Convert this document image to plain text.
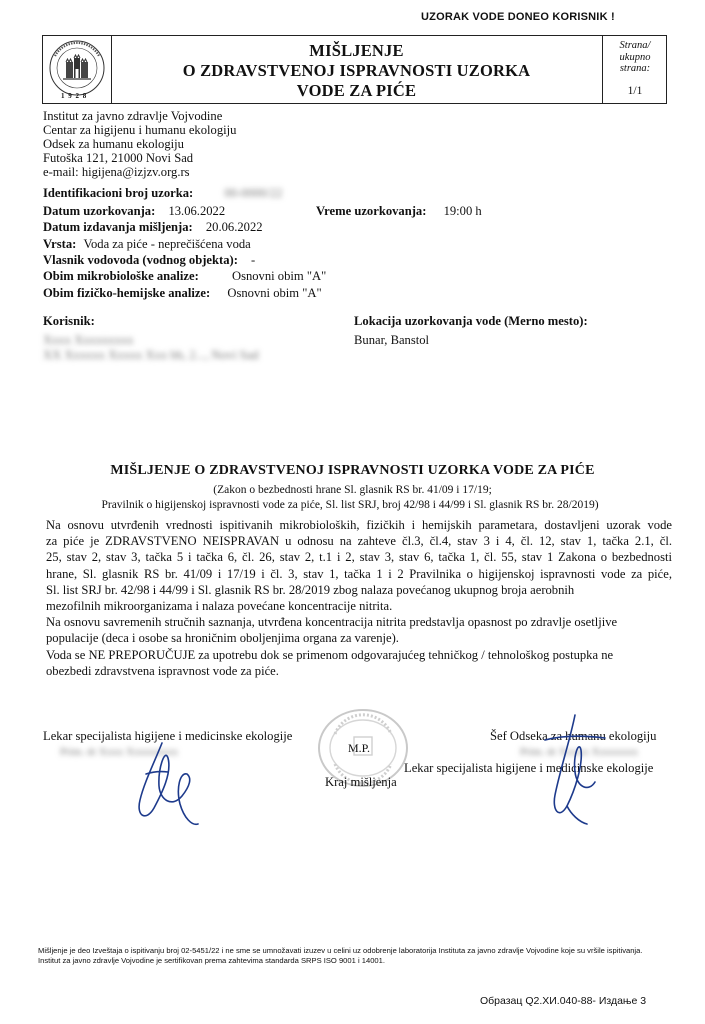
UZORAK VODE DONEO KORISNIK !
1 9 2 8
MIŠLJENJE
O ZDRAVSTVENOJ ISPRAVNOSTI UZORKA
VODE ZA PIĆE
Strana/
ukupno
strana:
1/1
Institut za javno zdravlje Vojvodine
Centar za higijenu i humanu ekologiju
Odsek za humanu ekologiju
Futoška 121, 21000 Novi Sad
e-mail: higijena@izjzv.org.rs
Identifikacioni broj uzorka: 00-0000/22
Datum uzorkovanja: 13.06.2022	Vreme uzorkovanja: 19:00 h
Datum izdavanja mišljenja: 20.06.2022
Vrsta: Voda za piće - neprečišćena voda
Vlasnik vodovoda (vodnog objekta): -
Obim mikrobiološke analize:	Osnovni obim "A"
Obim fizičko-hemijske analize: Osnovni obim "A"
Korisnik:
Xxxx Xxxxxxxxx
XX Xxxxxx Xxxxx Xxx bb, 2..., Novi Sad
Lokacija uzorkovanja vode (Merno mesto):
Bunar, Banstol
MIŠLJENJE O ZDRAVSTVENOJ ISPRAVNOSTI UZORKA VODE ZA PIĆE
(Zakon o bezbednosti hrane Sl. glasnik RS br. 41/09 i 17/19;
Pravilnik o higijenskoj ispravnosti vode za piće, Sl. list SRJ, broj 42/98 i 44/99 i Sl. glasnik RS br. 28/2019)

Na osnovu utvrđenih vrednosti ispitivanih mikrobioloških, fizičkih i hemijskih parametara, dostavljeni uzorak vode

za piće je ZDRAVSTVENO NEISPRAVAN u odnosu na zahteve čl.3, čl.4, stav 3 i 4, čl. 12, stav 1, tačka 2.1, čl.

25, stav 2, stav 3, tačka 5 i tačka 6, čl. 26, stav 2, t.1 i 2, stav 3, stav 6, tačka 1, čl. 55, stav 1 Zakona o bezbednosti

hrane, Sl. glasnik RS br. 41/09 i 17/19 i čl. 3, stav 1, tačka 1 i 2 Pravilnika o higijenskoj ispravnosti vode za piće,

Sl. list SRJ br. 42/98 i 44/99 i Sl. glasnik RS br. 28/2019 zbog nalaza povećanog ukupnog broja aerobnih

mezofilnih mikroorganizama i nalaza povećane koncentracije nitrita.

Na osnovu savremenih stručnih saznanja, utvrđena koncentracija nitrita predstavlja opasnost po zdravlje osetljive

populacije (deca i osobe sa hroničnim oboljenjima organa za varenje).

Voda se NE PREPORUČUJE za upotrebu dok se primenom odgovarajućeg tehničkog / tehnološkog postupka ne

obezbedi zdravstvena ispravnost vode za piće.

Lekar specijalista higijene i medicinske ekologije
Prim. dr Xxxx Xxxxxxxxx	M.P.
Kraj mišljenja
Šef Odseka za humanu ekologiju
Prim. dr Xxxxx Xxxxxxxx
Lekar specijalista higijene i medicinske ekologije
Mišljenje je deo Izveštaja o ispitivanju broj 02-5451/22 i ne sme se umnožavati izuzev u celini uz odobrenje laboratorija Instituta za javno zdravlje Vojvodine koje su vršile ispitivanja.
Institut za javno zdravlje Vojvodine je sertifikovan prema zahtevima standarda SRPS ISO 9001 i 14001.
Образац Q2.ХИ.040-88- Издање 3
